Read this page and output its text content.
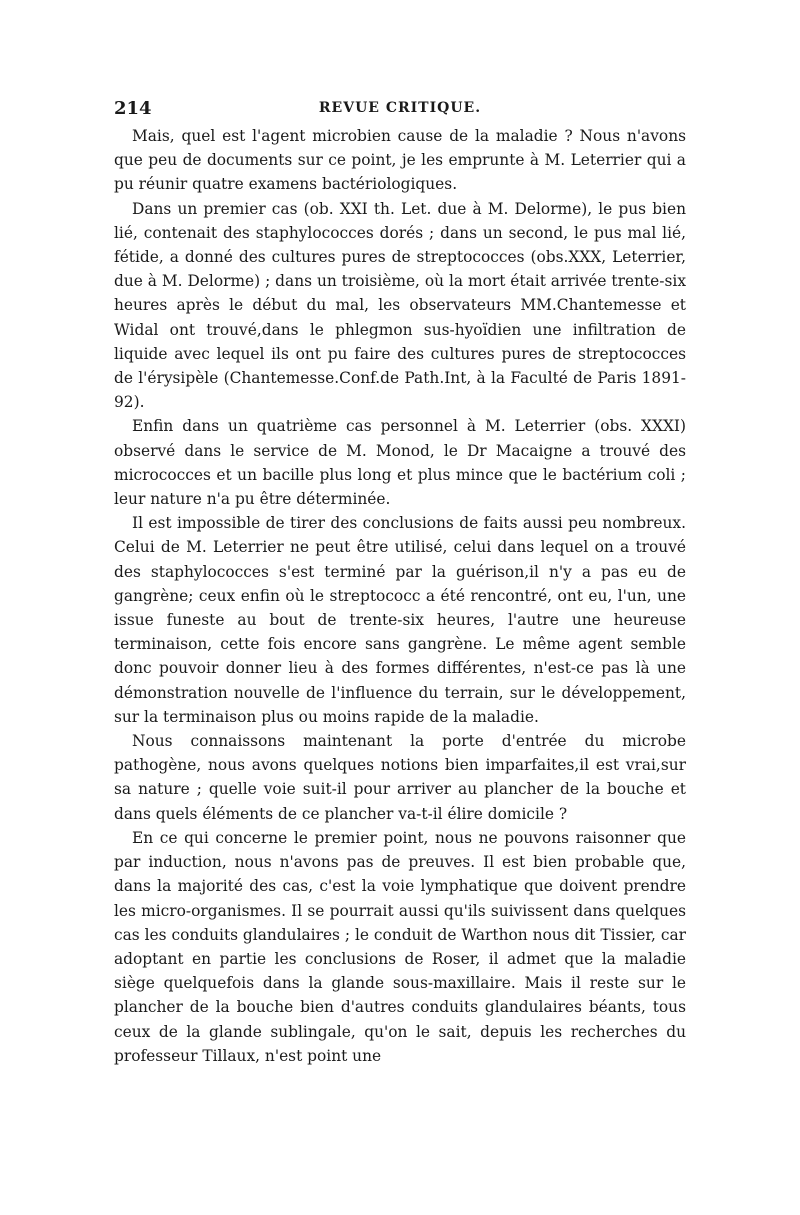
214	REVUE CRITIQUE.

Mais, quel est l'agent microbien cause de la maladie ? Nous n'avons que peu de documents sur ce point, je les emprunte à M. Leterrier qui a pu réunir quatre examens bactériologiques.

Dans un premier cas (ob. XXI th. Let. due à M. Delorme), le pus bien lié, contenait des staphylococces dorés ; dans un second, le pus mal lié, fétide, a donné des cultures pures de streptococces (obs.XXX, Leterrier, due à M. Delorme) ; dans un troisième, où la mort était arrivée trente-six heures après le début du mal, les observateurs MM.Chantemesse et Widal ont trouvé,dans le phlegmon sus-hyoïdien une infiltration de liquide avec lequel ils ont pu faire des cultures pures de streptococces de l'érysipèle (Chantemesse.Conf.de Path.Int, à la Faculté de Paris 1891-92).

Enfin dans un quatrième cas personnel à M. Leterrier (obs. XXXI) observé dans le service de M. Monod, le Dr Macaigne a trouvé des micrococces et un bacille plus long et plus mince que le bactérium coli ; leur nature n'a pu être déterminée.

Il est impossible de tirer des conclusions de faits aussi peu nombreux. Celui de M. Leterrier ne peut être utilisé, celui dans lequel on a trouvé des staphylococces s'est terminé par la guérison,il n'y a pas eu de gangrène; ceux enfin où le streptococc a été rencontré, ont eu, l'un, une issue funeste au bout de trente-six heures, l'autre une heureuse terminaison, cette fois encore sans gangrène. Le même agent semble donc pouvoir donner lieu à des formes différentes, n'est-ce pas là une démonstration nouvelle de l'influence du terrain, sur le développement, sur la terminaison plus ou moins rapide de la maladie.

Nous connaissons maintenant la porte d'entrée du microbe pathogène, nous avons quelques notions bien imparfaites,il est vrai,sur sa nature ; quelle voie suit-il pour arriver au plancher de la bouche et dans quels éléments de ce plancher va-t-il élire domicile ?

En ce qui concerne le premier point, nous ne pouvons raisonner que par induction, nous n'avons pas de preuves. Il est bien probable que, dans la majorité des cas, c'est la voie lymphatique que doivent prendre les micro-organismes. Il se pourrait aussi qu'ils suivissent dans quelques cas les conduits glandulaires ; le conduit de Warthon nous dit Tissier, car adoptant en partie les conclusions de Roser, il admet que la maladie siège quelquefois dans la glande sous-maxillaire. Mais il reste sur le plancher de la bouche bien d'autres conduits glandulaires béants, tous ceux de la glande sublingale, qu'on le sait, depuis les recherches du professeur Tillaux, n'est point une
